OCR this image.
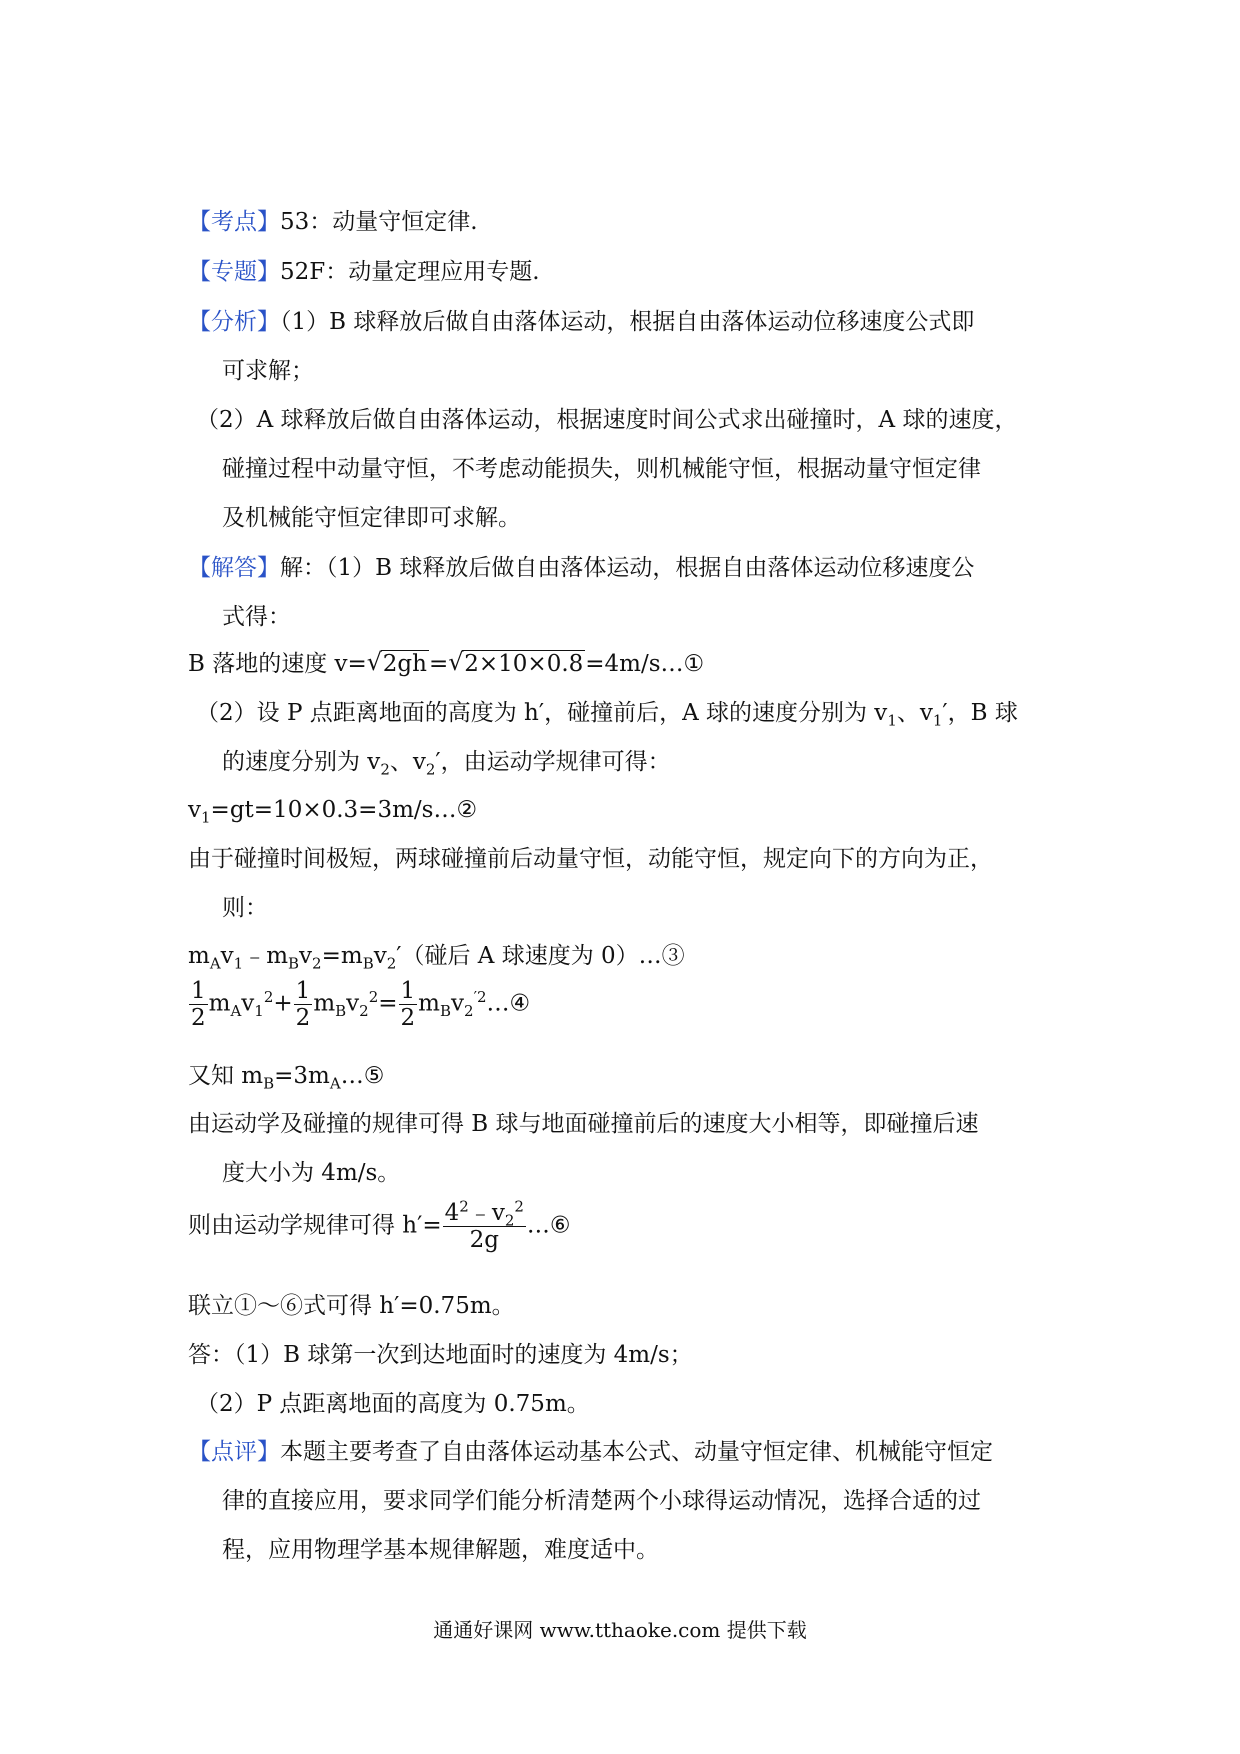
【考点】53：动量守恒定律.
【专题】52F：动量定理应用专题.
【分析】（1）B 球释放后做自由落体运动，根据自由落体运动位移速度公式即
可求解；
（2）A 球释放后做自由落体运动，根据速度时间公式求出碰撞时，A 球的速度，
碰撞过程中动量守恒，不考虑动能损失，则机械能守恒，根据动量守恒定律
及机械能守恒定律即可求解。
【解答】解：（1）B 球释放后做自由落体运动，根据自由落体运动位移速度公
式得：
B 落地的速度 v= √ 2gh= √ 2×10×0.8=4m/s…①
（2）设 P 点距离地面的高度为 h′，碰撞前后，A 球的速度分别为 $v_1$、$v_1'$，B 球
的速度分别为 $v_2$、$v_2'$，由运动学规律可得：
$v_1=gt=10\times 0.3=3m/s\dots ②$
由于碰撞时间极短，两球碰撞前后动量守恒，动能守恒，规定向下的方向为正，
则：
$m_Av_1﹣m_Bv_2=m_Bv_2'$（碰后 A 球速度为 0）…③
$\frac{1}{2} m_Av_1^2+ \frac{1}{2} m_Bv_2^2= \frac{1}{2}$ $m_Bv_2^{'2}\dots ④$
又知 $m_B=3m_A\dots ⑤$
由运动学及碰撞的规律可得 B 球与地面碰撞前后的速度大小相等，即碰撞后速
度大小为 4m/s。
则由运动学规律可得 $h'= \frac{4^2﹣v_2^2}{2g}$ …⑥
联立①～⑥式可得 h′=0.75m。
答：（1）B 球第一次到达地面时的速度为 4m/s；
（2）P 点距离地面的高度为 0.75m。
【点评】本题主要考查了自由落体运动基本公式、动量守恒定律、机械能守恒定
律的直接应用，要求同学们能分析清楚两个小球得运动情况，选择合适的过
程，应用物理学基本规律解题，难度适中。
通通好课网 www.tthaoke.com 提供下载
